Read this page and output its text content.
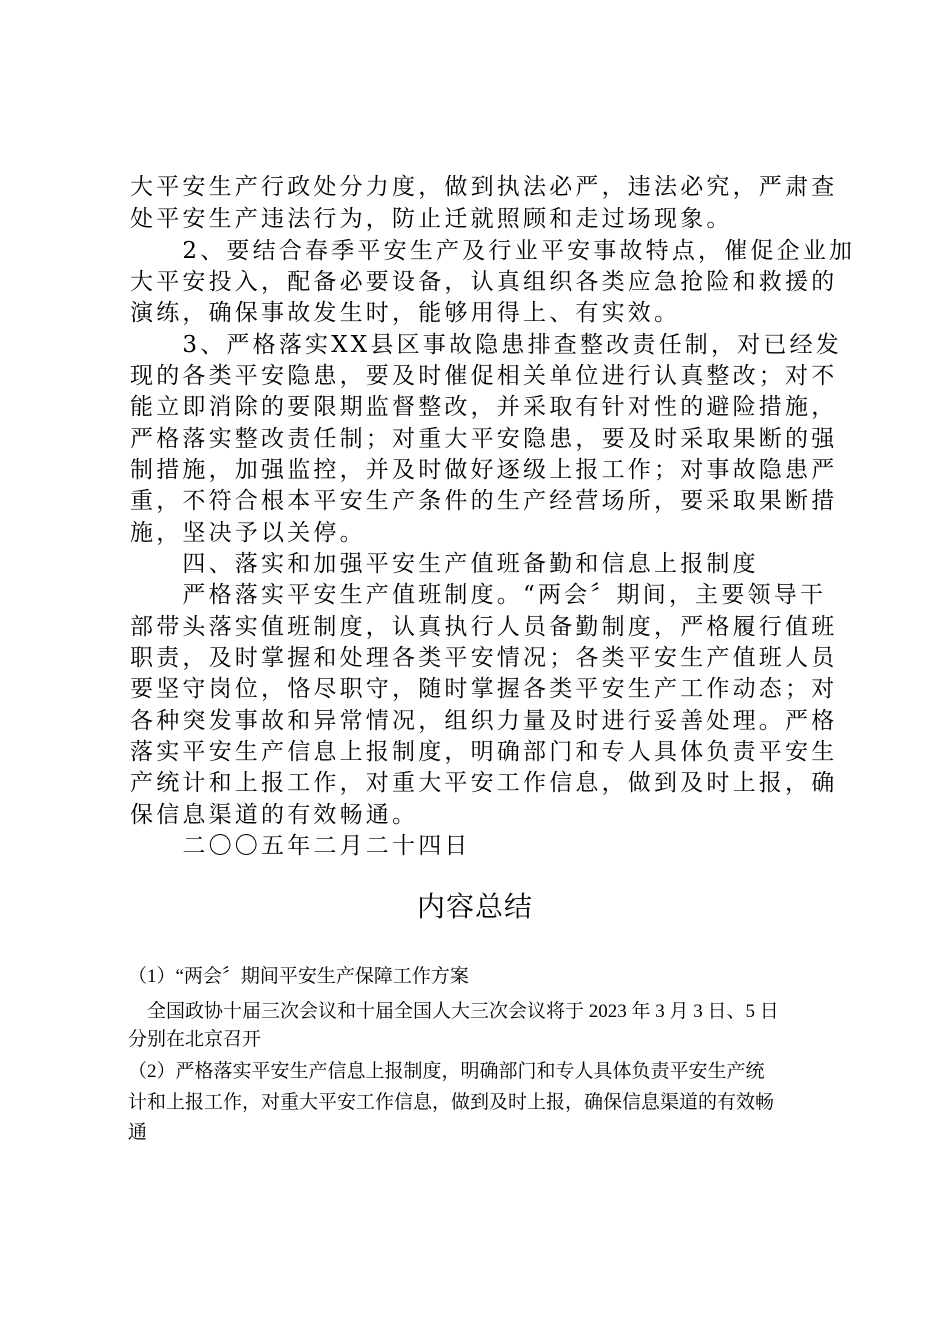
大平安生产行政处分力度，做到执法必严，违法必究，严肃查
处平安生产违法行为，防止迁就照顾和走过场现象。
　　2、要结合春季平安生产及行业平安事故特点，催促企业加
大平安投入，配备必要设备，认真组织各类应急抢险和救援的
演练，确保事故发生时，能够用得上、有实效。
　　3、严格落实XX县区事故隐患排查整改责任制，对已经发
现的各类平安隐患，要及时催促相关单位进行认真整改；对不
能立即消除的要限期监督整改，并采取有针对性的避险措施，
严格落实整改责任制；对重大平安隐患，要及时采取果断的强
制措施，加强监控，并及时做好逐级上报工作；对事故隐患严
重，不符合根本平安生产条件的生产经营场所，要采取果断措
施，坚决予以关停。
　　四、落实和加强平安生产值班备勤和信息上报制度
　　严格落实平安生产值班制度。“两会〞期间，主要领导干
部带头落实值班制度，认真执行人员备勤制度，严格履行值班
职责，及时掌握和处理各类平安情况；各类平安生产值班人员
要坚守岗位，恪尽职守，随时掌握各类平安生产工作动态；对
各种突发事故和异常情况，组织力量及时进行妥善处理。严格
落实平安生产信息上报制度，明确部门和专人具体负责平安生
产统计和上报工作，对重大平安工作信息，做到及时上报，确
保信息渠道的有效畅通。
　　二〇〇五年二月二十四日
内容总结
（1）“两会〞期间平安生产保障工作方案
　全国政协十届三次会议和十届全国人大三次会议将于 2023 年 3 月 3 日、5 日
分别在北京召开
（2）严格落实平安生产信息上报制度，明确部门和专人具体负责平安生产统
计和上报工作，对重大平安工作信息，做到及时上报，确保信息渠道的有效畅
通
